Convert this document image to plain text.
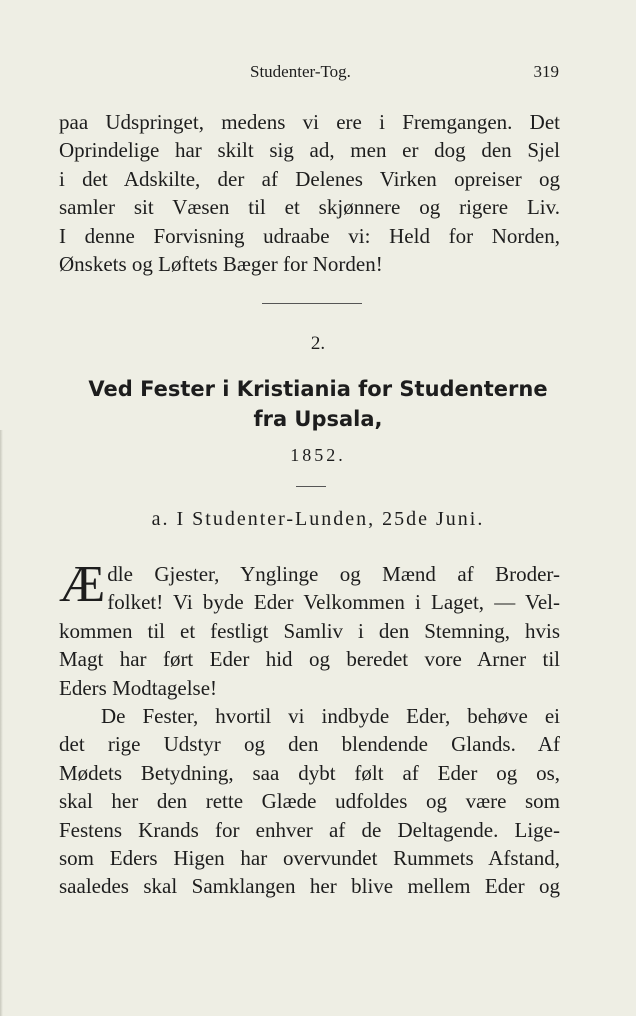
Studenter-Tog.	319
paa Udspringet, medens vi ere i Fremgangen. Det
Oprindelige har skilt sig ad, men er dog den Sjel
i det Adskilte, der af Delenes Virken opreiser og
samler sit Væsen til et skjønnere og rigere Liv.
I denne Forvisning udraabe vi: Held for Norden,
Ønskets og Løftets Bæger for Norden!
2.
Ved Fester i Kristiania for Studenterne
fra Upsala,
1852.
a. I Studenter-Lunden, 25de Juni.

Æ dle Gjester, Ynglinge og Mænd af Broder-
folket! Vi byde Eder Velkommen i Laget, — Vel-
kommen til et festligt Samliv i den Stemning, hvis
Magt har ført Eder hid og beredet vore Arner til
Eders Modtagelse!

De Fester, hvortil vi indbyde Eder, behøve ei
det rige Udstyr og den blendende Glands. Af
Mødets Betydning, saa dybt følt af Eder og os,
skal her den rette Glæde udfoldes og være som
Festens Krands for enhver af de Deltagende. Lige-
som Eders Higen har overvundet Rummets Afstand,
saaledes skal Samklangen her blive mellem Eder og
